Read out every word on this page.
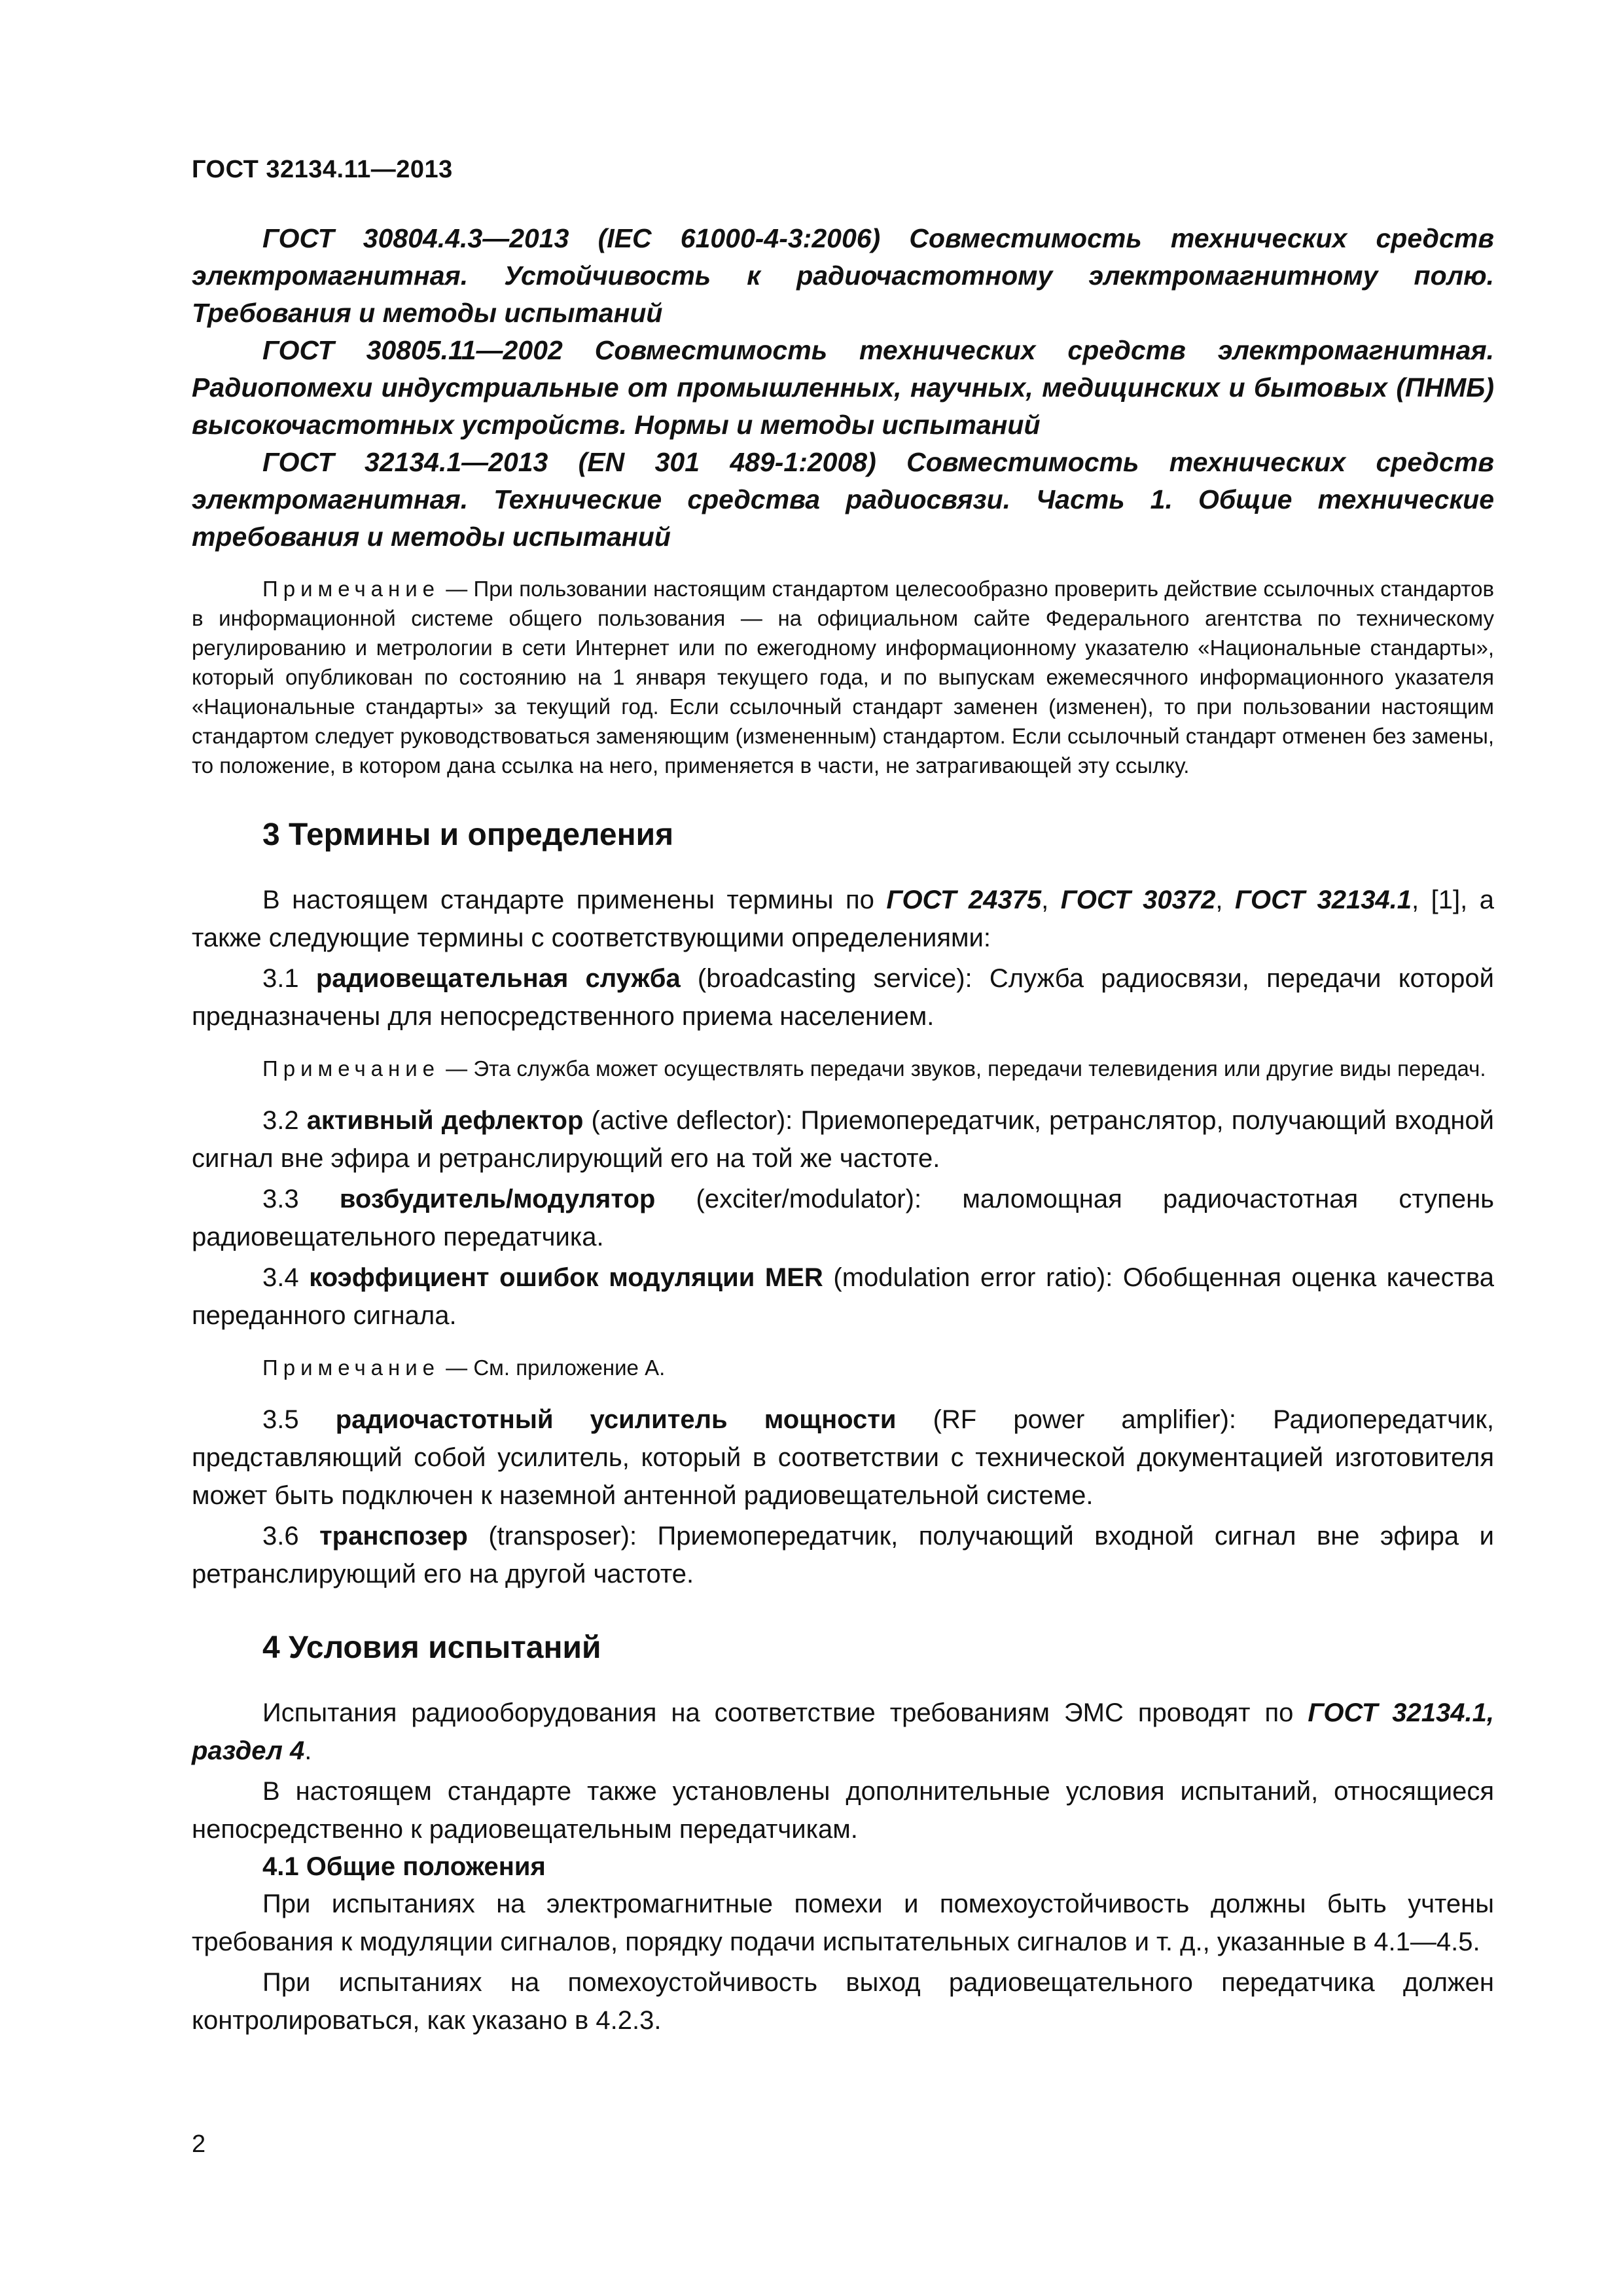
ГОСТ 32134.11—2013

ГОСТ 30804.4.3—2013 (IEC 61000-4-3:2006) Совместимость технических средств электромагнитная. Устойчивость к радиочастотному электромагнитному полю. Требования и методы испытаний

ГОСТ 30805.11—2002 Совместимость технических средств электромагнитная. Радиопомехи индустриальные от промышленных, научных, медицинских и бытовых (ПНМБ) высокочастотных устройств. Нормы и методы испытаний

ГОСТ 32134.1—2013 (EN 301 489-1:2008) Совместимость технических средств электромагнитная. Технические средства радиосвязи. Часть 1. Общие технические требования и методы испытаний

Примечание — При пользовании настоящим стандартом целесообразно проверить действие ссылочных стандартов в информационной системе общего пользования — на официальном сайте Федерального агентства по техническому регулированию и метрологии в сети Интернет или по ежегодному информационному указателю «Национальные стандарты», который опубликован по состоянию на 1 января текущего года, и по выпускам ежемесячного информационного указателя «Национальные стандарты» за текущий год. Если ссылочный стандарт заменен (изменен), то при пользовании настоящим стандартом следует руководствоваться заменяющим (измененным) стандартом. Если ссылочный стандарт отменен без замены, то положение, в котором дана ссылка на него, применяется в части, не затрагивающей эту ссылку.

3 Термины и определения

В настоящем стандарте применены термины по ГОСТ 24375, ГОСТ 30372, ГОСТ 32134.1, [1], а также следующие термины с соответствующими определениями:

3.1 радиовещательная служба (broadcasting service): Служба радиосвязи, передачи которой предназначены для непосредственного приема населением.

Примечание — Эта служба может осуществлять передачи звуков, передачи телевидения или другие виды передач.

3.2 активный дефлектор (active deflector): Приемопередатчик, ретранслятор, получающий входной сигнал вне эфира и ретранслирующий его на той же частоте.

3.3 возбудитель/модулятор (exciter/modulator): маломощная радиочастотная ступень радиовещательного передатчика.

3.4 коэффициент ошибок модуляции MER (modulation error ratio): Обобщенная оценка качества переданного сигнала.

Примечание — См. приложение А.

3.5 радиочастотный усилитель мощности (RF power amplifier): Радиопередатчик, представляющий собой усилитель, который в соответствии с технической документацией изготовителя может быть подключен к наземной антенной радиовещательной системе.

3.6 транспозер (transposer): Приемопередатчик, получающий входной сигнал вне эфира и ретранслирующий его на другой частоте.

4 Условия испытаний

Испытания радиооборудования на соответствие требованиям ЭМС проводят по ГОСТ 32134.1, раздел 4.

В настоящем стандарте также установлены дополнительные условия испытаний, относящиеся непосредственно к радиовещательным передатчикам.

4.1 Общие положения

При испытаниях на электромагнитные помехи и помехоустойчивость должны быть учтены требования к модуляции сигналов, порядку подачи испытательных сигналов и т. д., указанные в 4.1—4.5.

При испытаниях на помехоустойчивость выход радиовещательного передатчика должен контролироваться, как указано в 4.2.3.

2
